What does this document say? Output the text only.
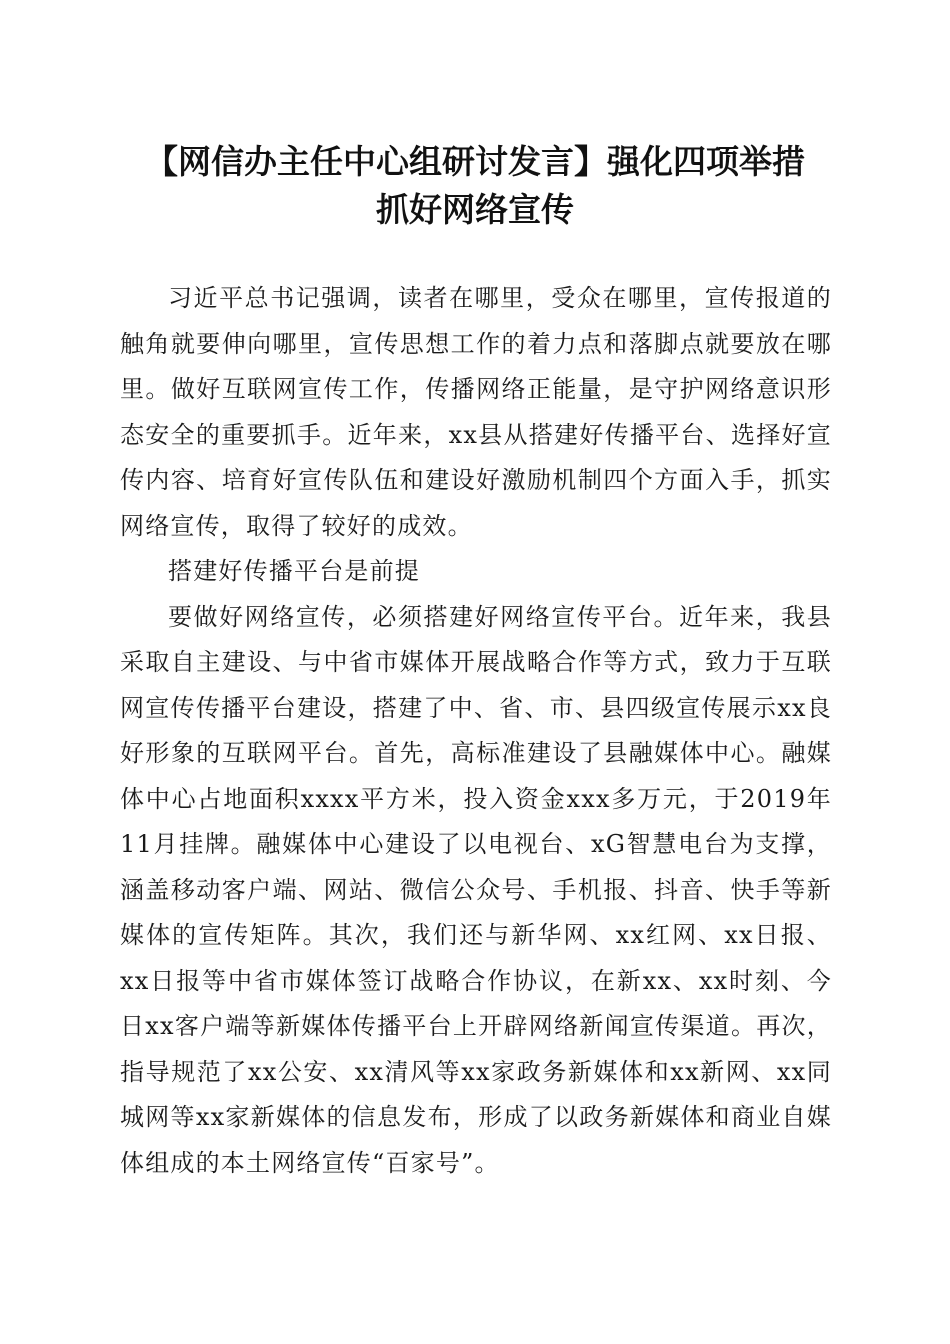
【网信办主任中心组研讨发言】强化四项举措
抓好网络宣传

习近平总书记强调，读者在哪里，受众在哪里，宣传报道的触角就要伸向哪里，宣传思想工作的着力点和落脚点就要放在哪里。做好互联网宣传工作，传播网络正能量，是守护网络意识形态安全的重要抓手。近年来，xx县从搭建好传播平台、选择好宣传内容、培育好宣传队伍和建设好激励机制四个方面入手，抓实网络宣传，取得了较好的成效。

搭建好传播平台是前提

要做好网络宣传，必须搭建好网络宣传平台。近年来，我县采取自主建设、与中省市媒体开展战略合作等方式，致力于互联网宣传传播平台建设，搭建了中、省、市、县四级宣传展示xx良好形象的互联网平台。首先，高标准建设了县融媒体中心。融媒体中心占地面积xxxx平方米，投入资金xxx多万元，于2019年11月挂牌。融媒体中心建设了以电视台、xG智慧电台为支撑，涵盖移动客户端、网站、微信公众号、手机报、抖音、快手等新媒体的宣传矩阵。其次，我们还与新华网、xx红网、xx日报、xx日报等中省市媒体签订战略合作协议，在新xx、xx时刻、今日xx客户端等新媒体传播平台上开辟网络新闻宣传渠道。再次，指导规范了xx公安、xx清风等xx家政务新媒体和xx新网、xx同城网等xx家新媒体的信息发布，形成了以政务新媒体和商业自媒体组成的本土网络宣传“百家号”。
